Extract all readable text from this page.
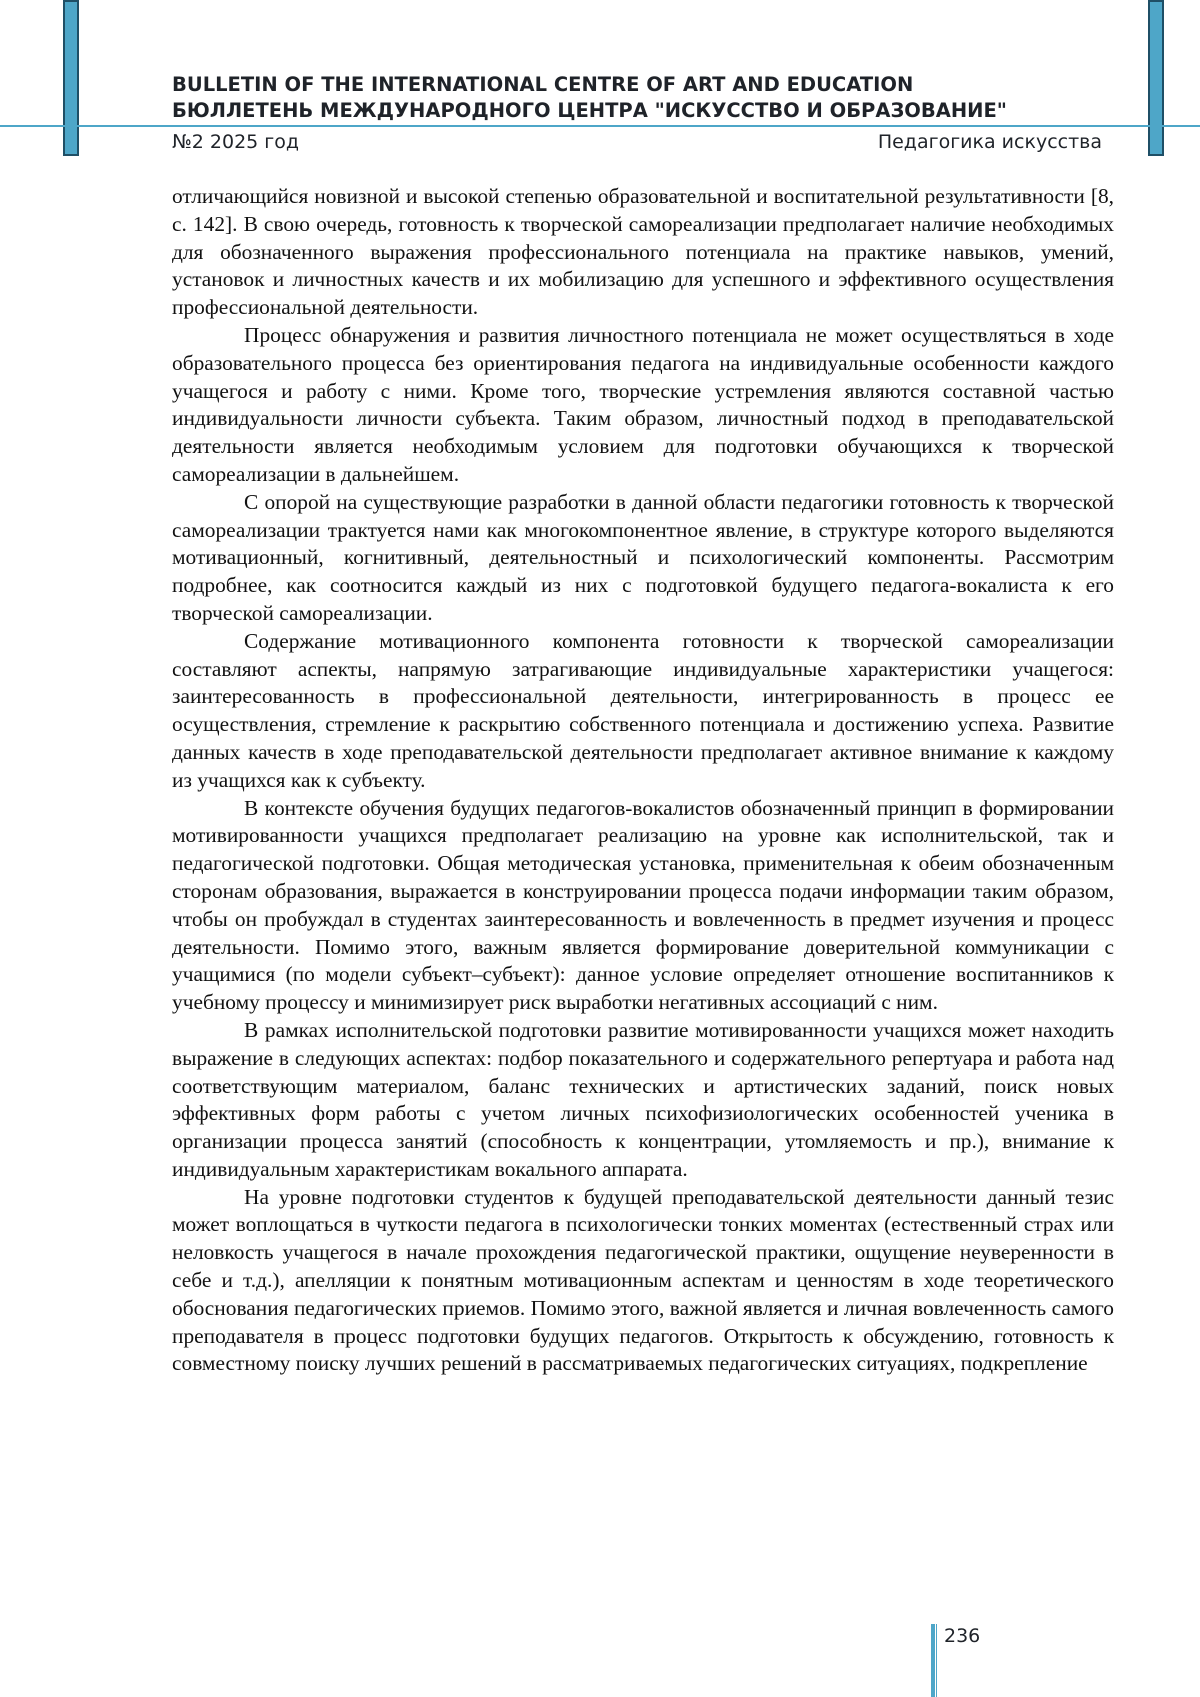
BULLETIN OF THE INTERNATIONAL CENTRE OF ART AND EDUCATION
БЮЛЛЕТЕНЬ МЕЖДУНАРОДНОГО ЦЕНТРА "ИСКУССТВО И ОБРАЗОВАНИЕ"
№2 2025 год	Педагогика искусства

отличающийся новизной и высокой степенью образовательной и воспитательной результативности [8, с. 142]. В свою очередь, готовность к творческой самореализации предполагает наличие необходимых для обозначенного выражения профессионального потенциала на практике навыков, умений, установок и личностных качеств и их мобилизацию для успешного и эффективного осуществления профессиональной деятельности.

Процесс обнаружения и развития личностного потенциала не может осуществляться в ходе образовательного процесса без ориентирования педагога на индивидуальные особенности каждого учащегося и работу с ними. Кроме того, творческие устремления являются составной частью индивидуальности личности субъекта. Таким образом, личностный подход в преподавательской деятельности является необходимым условием для подготовки обучающихся к творческой самореализации в дальнейшем.

С опорой на существующие разработки в данной области педагогики готовность к творческой самореализации трактуется нами как многокомпонентное явление, в структуре которого выделяются мотивационный, когнитивный, деятельностный и психологический компоненты. Рассмотрим подробнее, как соотносится каждый из них с подготовкой будущего педагога-вокалиста к его творческой самореализации.

Содержание мотивационного компонента готовности к творческой самореализации составляют аспекты, напрямую затрагивающие индивидуальные характеристики учащегося: заинтересованность в профессиональной деятельности, интегрированность в процесс ее осуществления, стремление к раскрытию собственного потенциала и достижению успеха. Развитие данных качеств в ходе преподавательской деятельности предполагает активное внимание к каждому из учащихся как к субъекту.

В контексте обучения будущих педагогов-вокалистов обозначенный принцип в формировании мотивированности учащихся предполагает реализацию на уровне как исполнительской, так и педагогической подготовки. Общая методическая установка, применительная к обеим обозначенным сторонам образования, выражается в конструировании процесса подачи информации таким образом, чтобы он пробуждал в студентах заинтересованность и вовлеченность в предмет изучения и процесс деятельности. Помимо этого, важным является формирование доверительной коммуникации с учащимися (по модели субъект–субъект): данное условие определяет отношение воспитанников к учебному процессу и минимизирует риск выработки негативных ассоциаций с ним.

В рамках исполнительской подготовки развитие мотивированности учащихся может находить выражение в следующих аспектах: подбор показательного и содержательного репертуара и работа над соответствующим материалом, баланс технических и артистических заданий, поиск новых эффективных форм работы с учетом личных психофизиологических особенностей ученика в организации процесса занятий (способность к концентрации, утомляемость и пр.), внимание к индивидуальным характеристикам вокального аппарата.

На уровне подготовки студентов к будущей преподавательской деятельности данный тезис может воплощаться в чуткости педагога в психологически тонких моментах (естественный страх или неловкость учащегося в начале прохождения педагогической практики, ощущение неуверенности в себе и т.д.), апелляции к понятным мотивационным аспектам и ценностям в ходе теоретического обоснования педагогических приемов. Помимо этого, важной является и личная вовлеченность самого преподавателя в процесс подготовки будущих педагогов. Открытость к обсуждению, готовность к совместному поиску лучших решений в рассматриваемых педагогических ситуациях, подкрепление

236
